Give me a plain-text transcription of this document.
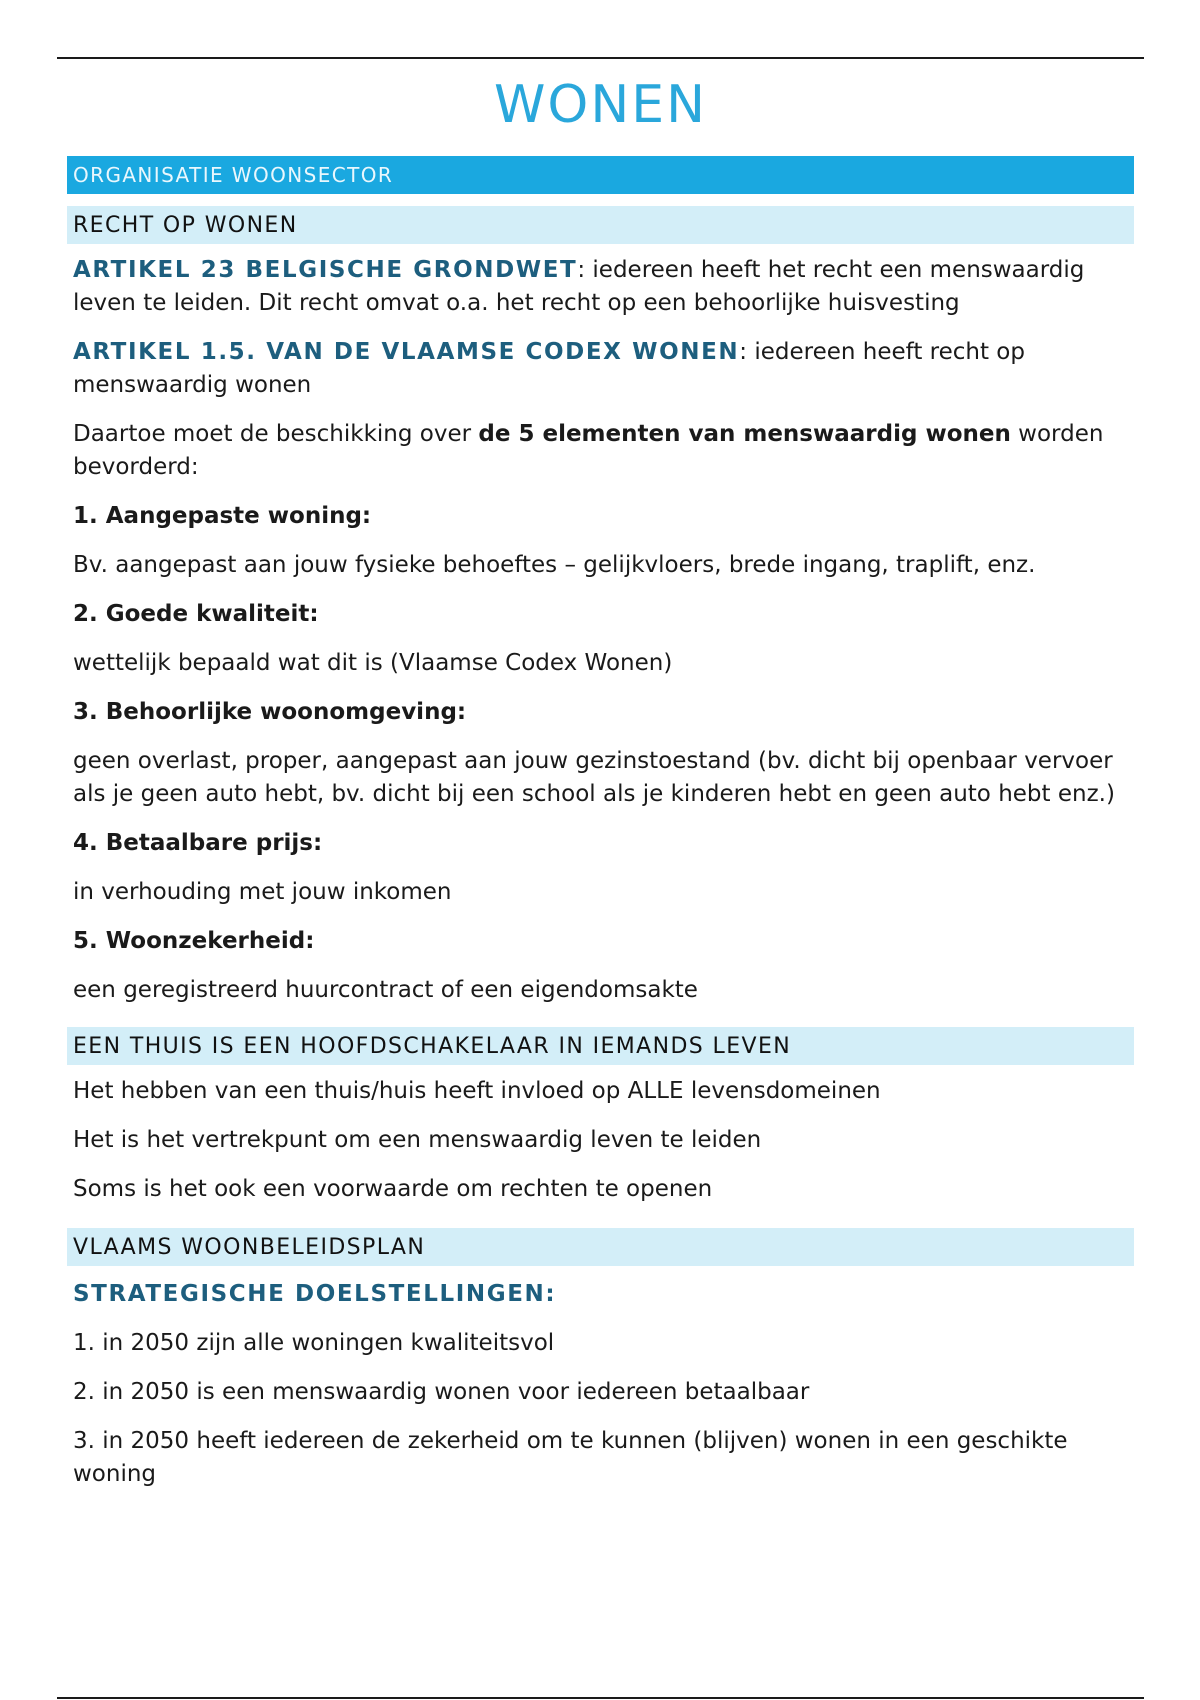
WONEN
ORGANISATIE WOONSECTOR
RECHT OP WONEN

ARTIKEL 23 BELGISCHE GRONDWET: iedereen heeft het recht een menswaardig leven te leiden. Dit recht omvat o.a. het recht op een behoorlijke huisvesting

ARTIKEL 1.5. VAN DE VLAAMSE CODEX WONEN: iedereen heeft recht op menswaardig wonen

Daartoe moet de beschikking over de 5 elementen van menswaardig wonen worden bevorderd:

1. Aangepaste woning:

Bv. aangepast aan jouw fysieke behoeftes – gelijkvloers, brede ingang, traplift, enz.

2. Goede kwaliteit:

wettelijk bepaald wat dit is (Vlaamse Codex Wonen)

3. Behoorlijke woonomgeving:

geen overlast, proper, aangepast aan jouw gezinstoestand (bv. dicht bij openbaar vervoer als je geen auto hebt, bv. dicht bij een school als je kinderen hebt en geen auto hebt enz.)

4. Betaalbare prijs:

in verhouding met jouw inkomen

5. Woonzekerheid:

een geregistreerd huurcontract of een eigendomsakte

EEN THUIS IS EEN HOOFDSCHAKELAAR IN IEMANDS LEVEN

Het hebben van een thuis/huis heeft invloed op ALLE levensdomeinen

Het is het vertrekpunt om een menswaardig leven te leiden

Soms is het ook een voorwaarde om rechten te openen

VLAAMS WOONBELEIDSPLAN

STRATEGISCHE DOELSTELLINGEN:

1. in 2050 zijn alle woningen kwaliteitsvol

2. in 2050 is een menswaardig wonen voor iedereen betaalbaar

3. in 2050 heeft iedereen de zekerheid om te kunnen (blijven) wonen in een geschikte woning
